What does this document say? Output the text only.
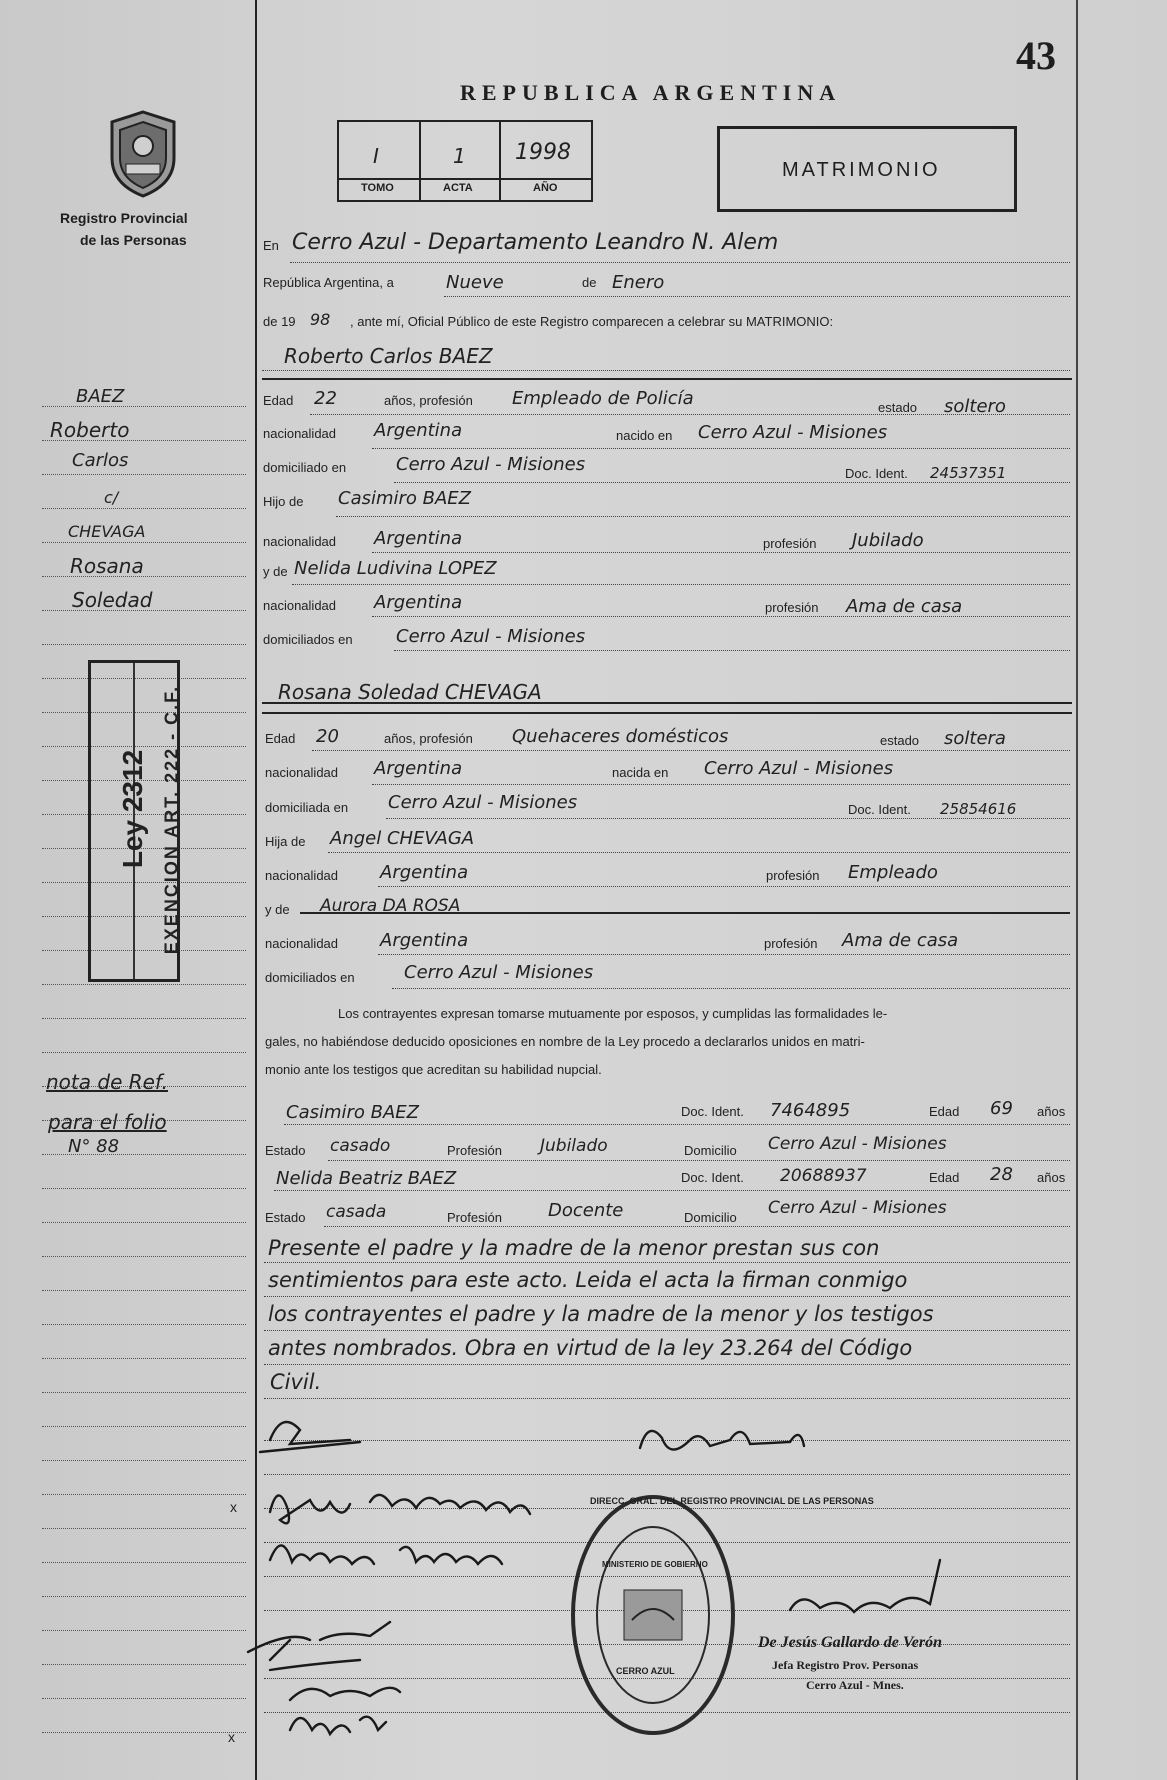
43
Registro Provincial
de las Personas
REPUBLICA ARGENTINA
I	1 1998
TOMO	ACTA	AÑO
MATRIMONIO
En Cerro Azul - Departamento Leandro N. Alem
República Argentina, a	Nueve	de Enero
de 19 98 , ante mí, Oficial Público de este Registro comparecen a celebrar su MATRIMONIO:
Roberto Carlos BAEZ
BAEZ
Roberto
Carlos
c/
CHEVAGA
Rosana
Soledad
Edad 22	años, profesión Empleado de Policía	estado soltero
nacionalidad Argentina	nacido en Cerro Azul - Misiones
domiciliado en	Cerro Azul - Misiones	Doc. Ident. 24537351
Hijo de Casimiro BAEZ
nacionalidad Argentina	profesión Jubilado
y de Nelida Ludivina LOPEZ
nacionalidad Argentina	profesión Ama de casa
domiciliados en Cerro Azul - Misiones
Rosana Soledad CHEVAGA
Ley 2312 EXENCION ART. 222 - C.F.	Edad 20	años, profesión Quehaceres domésticos	estado soltera
nacionalidad Argentina	nacida en Cerro Azul - Misiones
domiciliada en Cerro Azul - Misiones	Doc. Ident. 25854616
Hija de Angel CHEVAGA
nacionalidad Argentina	profesión Empleado
y de Aurora DA ROSA
nacionalidad Argentina	profesión Ama de casa
domiciliados en	Cerro Azul - Misiones
Los contrayentes expresan tomarse mutuamente por esposos, y cumplidas las formalidades le-
gales, no habiéndose deducido oposiciones en nombre de la Ley procedo a declararlos unidos en matri-
monio ante los testigos que acreditan su habilidad nupcial.
nota de Ref.
para el folio
N° 88
Casimiro BAEZ	Doc. Ident. 7464895	Edad 69 años
Estado casado	Profesión Jubilado	Domicilio Cerro Azul - Misiones
Nelida Beatriz BAEZ	Doc. Ident. 20688937	Edad 28 años
Estado casada	Profesión	Docente	Domicilio Cerro Azul - Misiones
Presente el padre y la madre de la menor prestan sus con
sentimientos para este acto. Leida el acta la firman conmigo
los contrayentes el padre y la madre de la menor y los testigos
antes nombrados. Obra en virtud de la ley 23.264 del Código
Civil.
x
x
DIRECC. GRAL. DEL REGISTRO PROVINCIAL DE LAS PERSONAS
MINISTERIO DE GOBIERNO
CERRO AZUL
De Jesús Gallardo de Verón
Jefa Registro Prov. Personas
Cerro Azul - Mnes.
